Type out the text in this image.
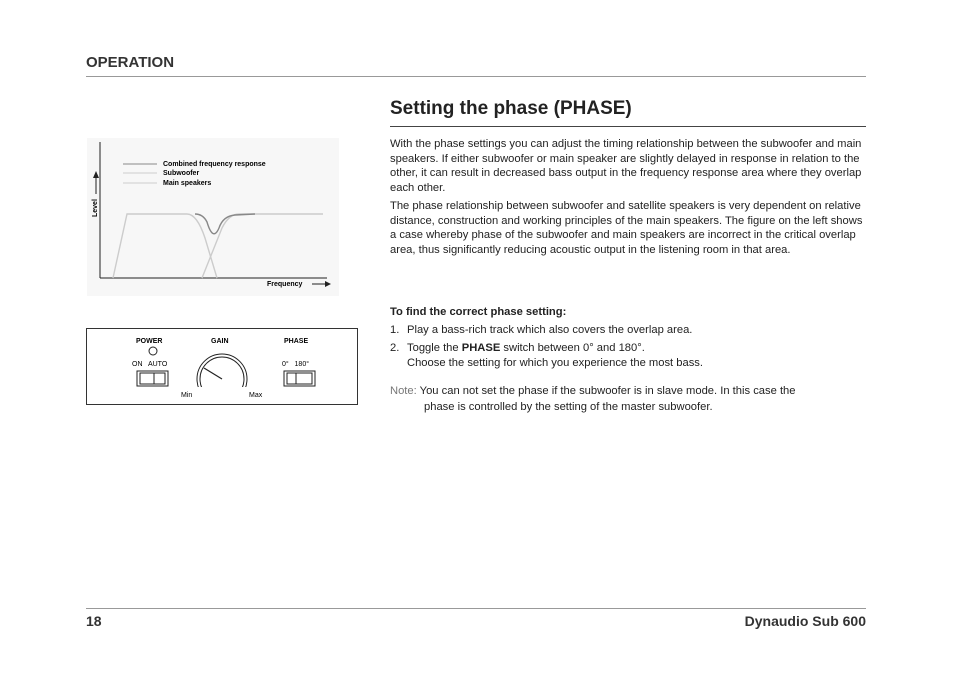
OPERATION
Combined frequency response
Subwoofer
Main speakers
Level
Frequency
POWER	GAIN	PHASE
ON   AUTO
Min	Max
0°   180°
Setting the phase (PHASE)
With the phase settings you can adjust the timing relationship between the subwoofer and main speakers. If either subwoofer or main speaker are slightly delayed in response in relation to the other, it can result in decreased bass output in the frequency response area where they overlap each other.
The phase relationship between subwoofer and satellite speakers is very dependent on relative distance, construction and working principles of the main speakers. The figure on the left shows a case whereby phase of the subwoofer and main speakers are incorrect in the critical overlap area, thus significantly reducing acoustic output in the listening room in that area.
To find the correct phase setting:
1. Play a bass-rich track which also covers the overlap area.
2. Toggle the PHASE switch between 0° and 180°.
Choose the setting for which you experience the most bass.
Note: You can not set the phase if the subwoofer is in slave mode. In this case the
phase is controlled by the setting of the master subwoofer.
18	Dynaudio Sub 600
